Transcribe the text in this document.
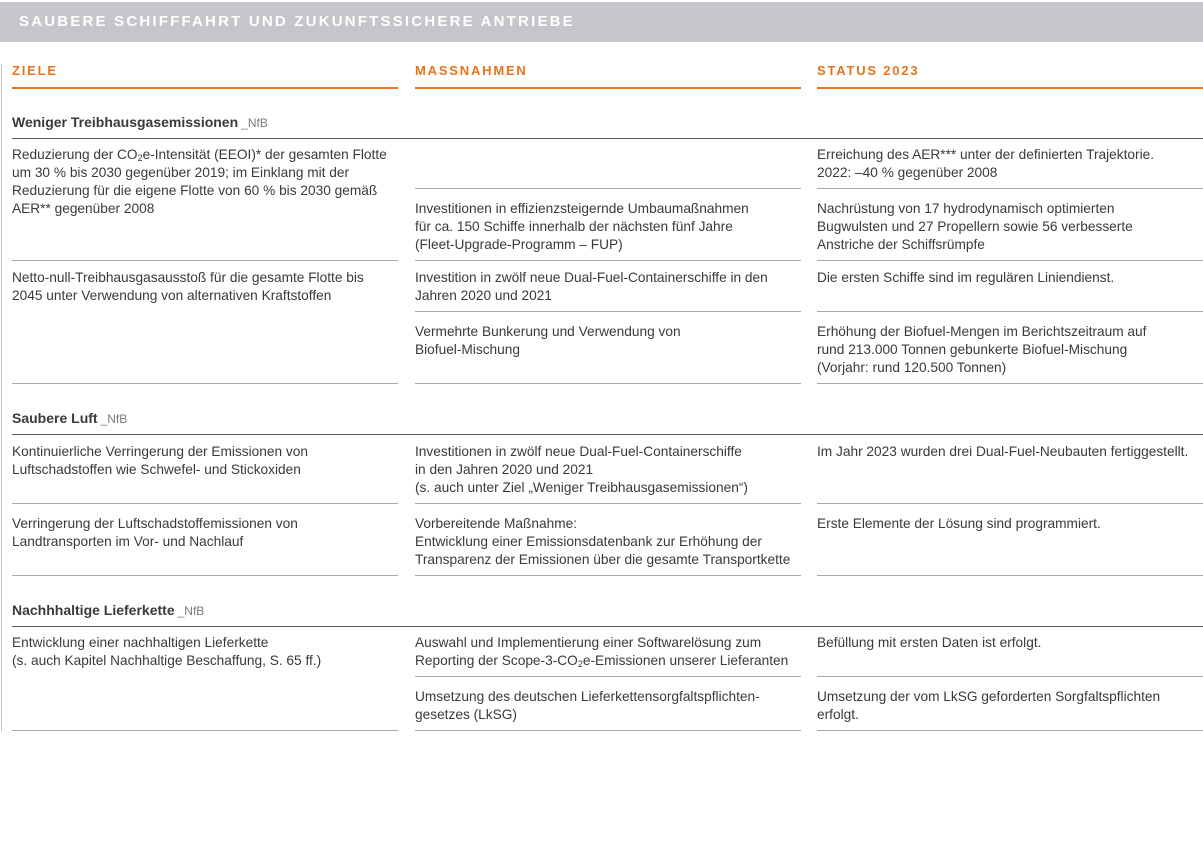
SAUBERE SCHIFFFAHRT UND ZUKUNFTSSICHERE ANTRIEBE
ZIELE	MASSNAHMEN	STATUS 2023
Weniger Treibhausgasemissionen _NfB
Reduzierung der $CO_2e$-Intensität (EEOI)* der gesamten Flotte
um 30 % bis 2030 gegenüber 2019; im Einklang mit der
Reduzierung für die eigene Flotte von 60 % bis 2030 gemäß
AER** gegenüber 2008
Erreichung des AER*** unter der definierten Trajektorie.
2022: –40 % gegenüber 2008
Investitionen in effizienzsteigernde Umbaumaßnahmen
für ca. 150 Schiffe innerhalb der nächsten fünf Jahre
(Fleet-Upgrade-Programm – FUP)
Nachrüstung von 17 hydrodynamisch optimierten
Bugwulsten und 27 Propellern sowie 56 verbesserte
Anstriche der Schiffsrümpfe
Netto-null-Treibhausgasausstoß für die gesamte Flotte bis
2045 unter Verwendung von alternativen Kraftstoffen
Investition in zwölf neue Dual-Fuel-Containerschiffe in den
Jahren 2020 und 2021
Die ersten Schiffe sind im regulären Liniendienst.
Vermehrte Bunkerung und Verwendung von
Biofuel-Mischung
Erhöhung der Biofuel-Mengen im Berichtszeitraum auf
rund 213.000 Tonnen gebunkerte Biofuel-Mischung
(Vorjahr: rund 120.500 Tonnen)
Saubere Luft _NfB
Kontinuierliche Verringerung der Emissionen von
Luftschadstoffen wie Schwefel- und Stickoxiden
Investitionen in zwölf neue Dual-Fuel-Containerschiffe
in den Jahren 2020 und 2021
(s. auch unter Ziel „Weniger Treibhausgasemissionen“)
Im Jahr 2023 wurden drei Dual-Fuel-Neubauten fertiggestellt.
Verringerung der Luftschadstoffemissionen von
Landtransporten im Vor- und Nachlauf
Vorbereitende Maßnahme:
Entwicklung einer Emissionsdatenbank zur Erhöhung der
Transparenz der Emissionen über die gesamte Transportkette
Erste Elemente der Lösung sind programmiert.
Nachhhaltige Lieferkette _NfB
Entwicklung einer nachhaltigen Lieferkette
(s. auch Kapitel Nachhaltige Beschaffung, S. 65 ff.)
Auswahl und Implementierung einer Softwarelösung zum
Reporting der Scope-$3-CO_2e$-Emissionen unserer Lieferanten
Befüllung mit ersten Daten ist erfolgt.
Umsetzung des deutschen Lieferkettensorgfaltspflichten-
gesetzes (LkSG)
Umsetzung der vom LkSG geforderten Sorgfaltspflichten
erfolgt.
